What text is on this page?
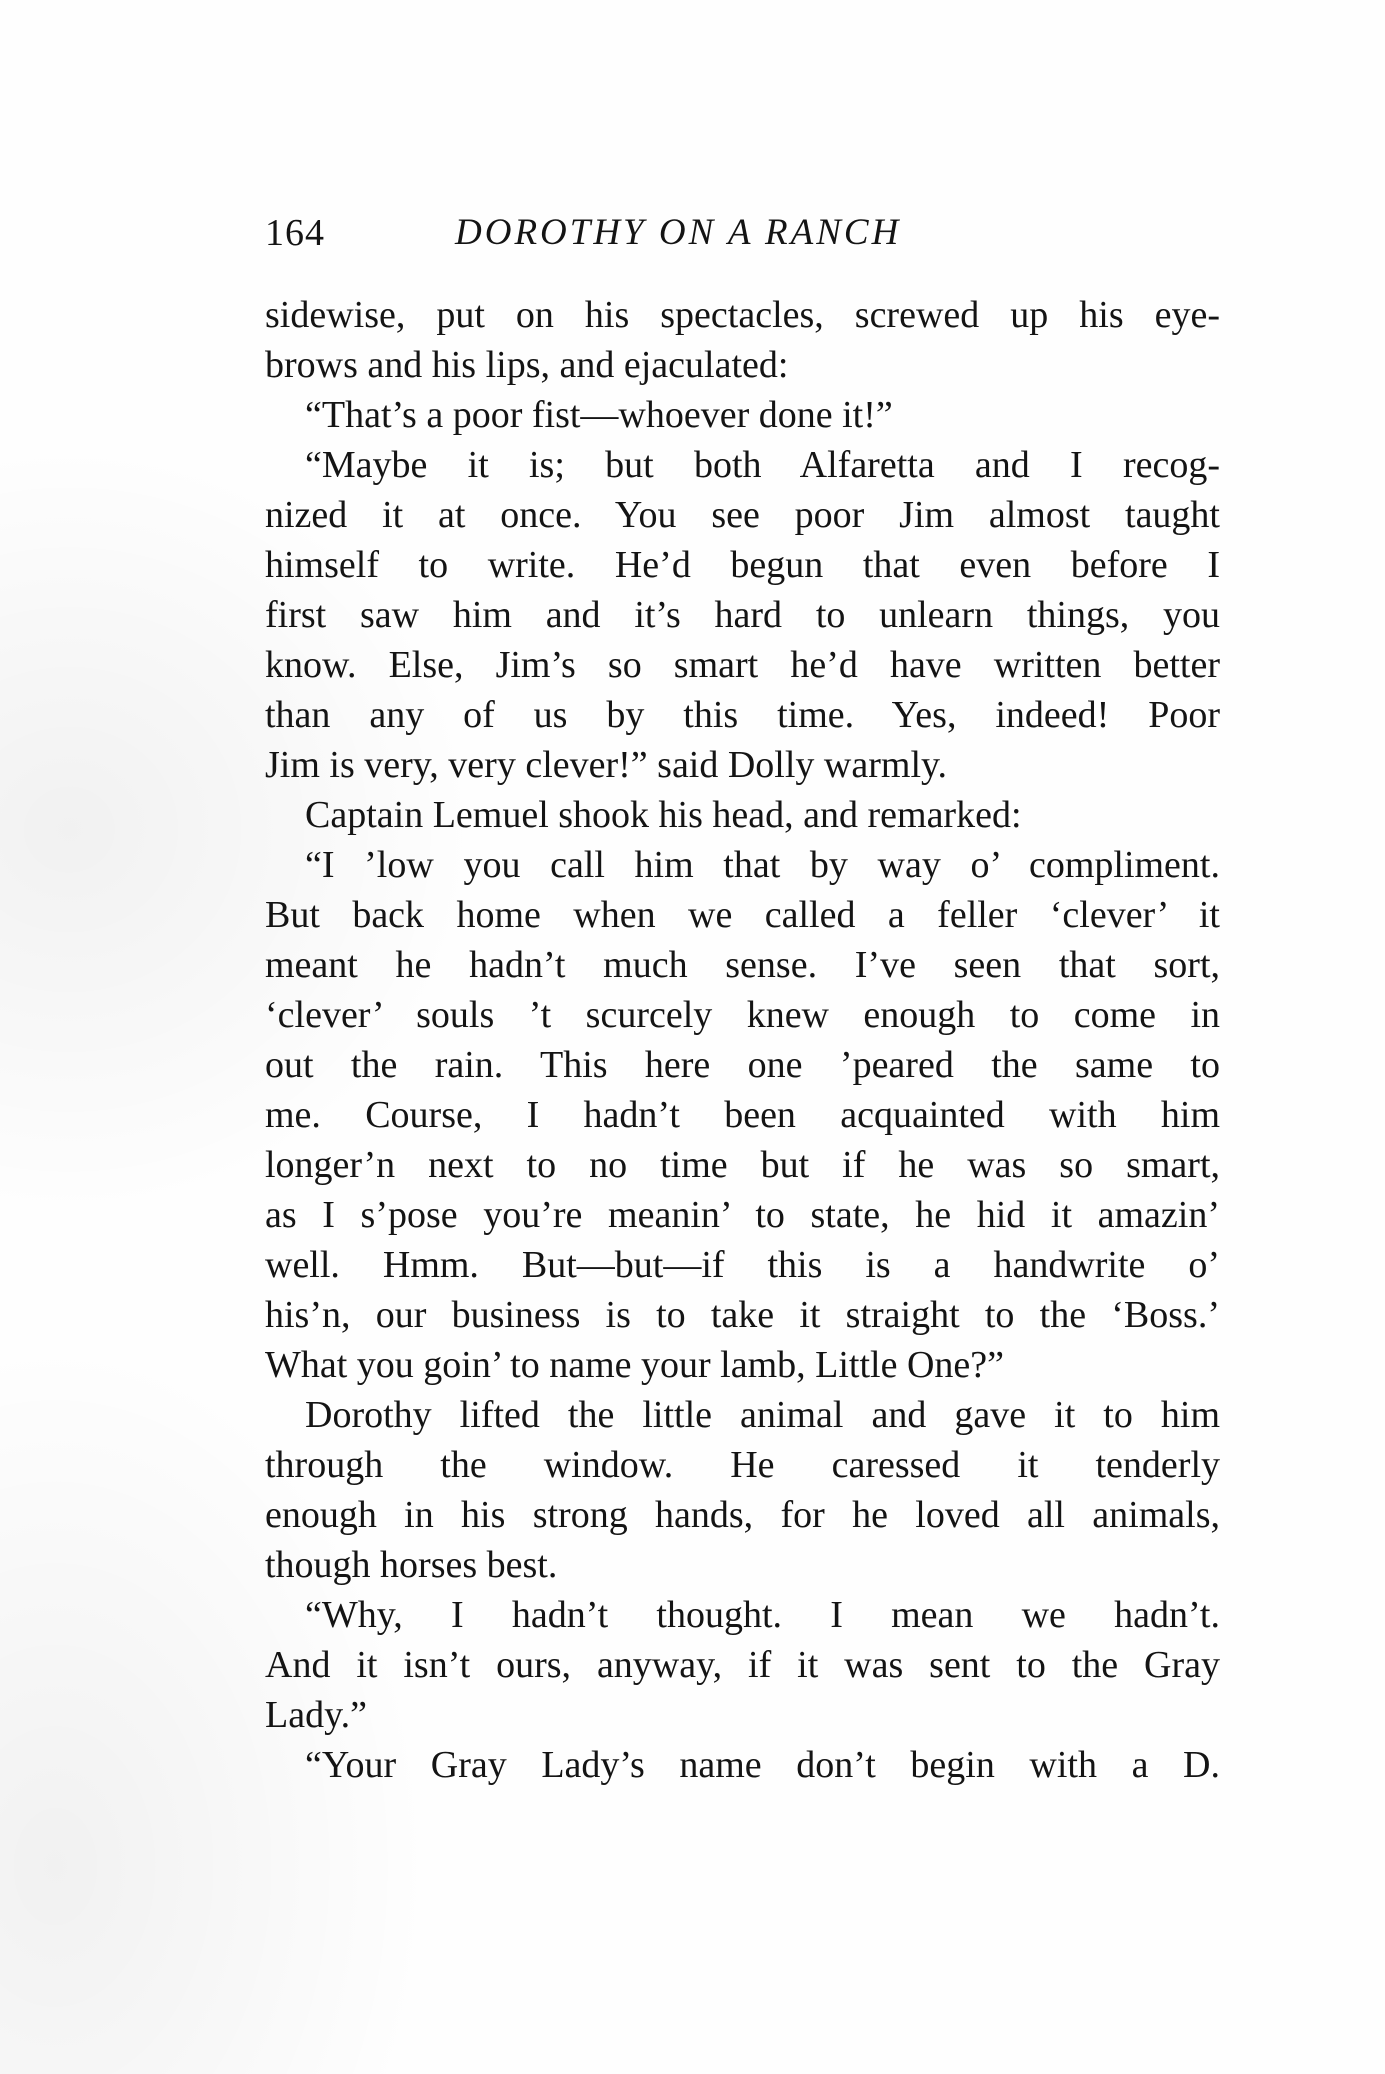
164	DOROTHY ON A RANCH
sidewise, put on his spectacles, screwed up his eye-
brows and his lips, and ejaculated:
“That’s a poor fist—whoever done it!”
“Maybe it is; but both Alfaretta and I recog-
nized it at once. You see poor Jim almost taught
himself to write. He’d begun that even before I
first saw him and it’s hard to unlearn things, you
know. Else, Jim’s so smart he’d have written better
than any of us by this time. Yes, indeed! Poor
Jim is very, very clever!” said Dolly warmly.
Captain Lemuel shook his head, and remarked:
“I ’low you call him that by way o’ compliment.
But back home when we called a feller ‘clever’ it
meant he hadn’t much sense. I’ve seen that sort,
‘clever’ souls ’t scurcely knew enough to come in
out the rain. This here one ’peared the same to
me. Course, I hadn’t been acquainted with him
longer’n next to no time but if he was so smart,
as I s’pose you’re meanin’ to state, he hid it amazin’
well. Hmm. But—but—if this is a handwrite o’
his’n, our business is to take it straight to the ‘Boss.’
What you goin’ to name your lamb, Little One?”
Dorothy lifted the little animal and gave it to him
through the window. He caressed it tenderly
enough in his strong hands, for he loved all animals,
though horses best.
“Why, I hadn’t thought. I mean we hadn’t.
And it isn’t ours, anyway, if it was sent to the Gray
Lady.”
“Your Gray Lady’s name don’t begin with a D.
